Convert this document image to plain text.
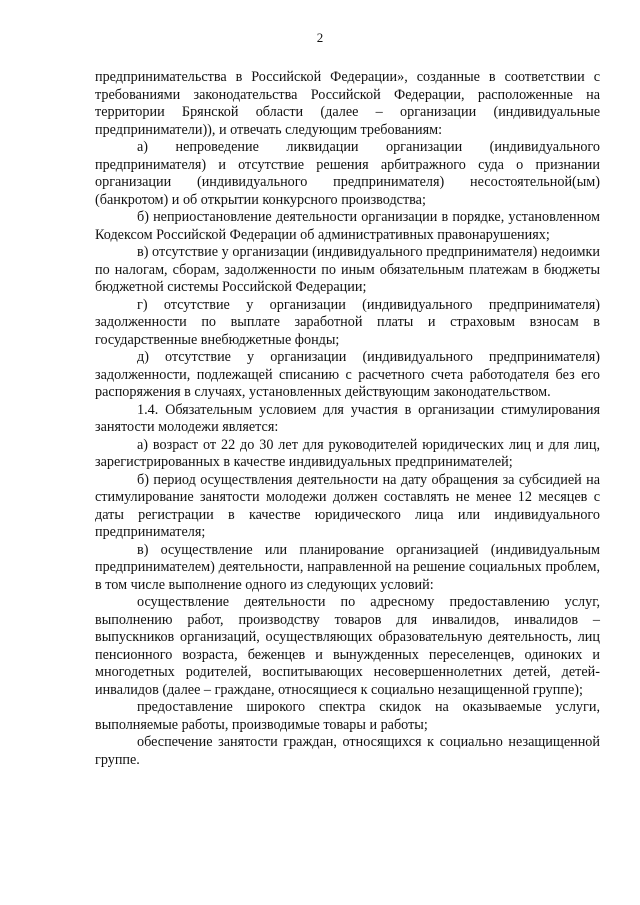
2

предпринимательства в Российской Федерации», созданные в соответствии с требованиями законодательства Российской Федерации, расположенные на территории Брянской области (далее – организации (индивидуальные предприниматели)), и отвечать следующим требованиям:

а) непроведение ликвидации организации (индивидуального предпринимателя) и отсутствие решения арбитражного суда о признании организации (индивидуального предпринимателя) несостоятельной(ым) (банкротом) и об открытии конкурсного производства;

б) неприостановление деятельности организации в порядке, установленном Кодексом Российской Федерации об административных правонарушениях;

в) отсутствие у организации (индивидуального предпринимателя) недоимки по налогам, сборам, задолженности по иным обязательным платежам в бюджеты бюджетной системы Российской Федерации;

г) отсутствие у организации (индивидуального предпринимателя) задолженности по выплате заработной платы и страховым взносам в государственные внебюджетные фонды;

д) отсутствие у организации (индивидуального предпринимателя) задолженности, подлежащей списанию с расчетного счета работодателя без его распоряжения в случаях, установленных действующим законодательством.

1.4. Обязательным условием для участия в организации стимулирования занятости молодежи является:

а) возраст от 22 до 30 лет для руководителей юридических лиц и для лиц, зарегистрированных в качестве индивидуальных предпринимателей;

б) период осуществления деятельности на дату обращения за субсидией на стимулирование занятости молодежи должен составлять не менее 12 месяцев с даты регистрации в качестве юридического лица или индивидуального предпринимателя;

в) осуществление или планирование организацией (индивидуальным предпринимателем) деятельности, направленной на решение социальных проблем, в том числе выполнение одного из следующих условий:

осуществление деятельности по адресному предоставлению услуг, выполнению работ, производству товаров для инвалидов, инвалидов – выпускников организаций, осуществляющих образовательную деятельность, лиц пенсионного возраста, беженцев и вынужденных переселенцев, одиноких и многодетных родителей, воспитывающих несовершеннолетних детей, детей-инвалидов (далее – граждане, относящиеся к социально незащищенной группе);

предоставление широкого спектра скидок на оказываемые услуги, выполняемые работы, производимые товары и работы;

обеспечение занятости граждан, относящихся к социально незащищенной группе.
